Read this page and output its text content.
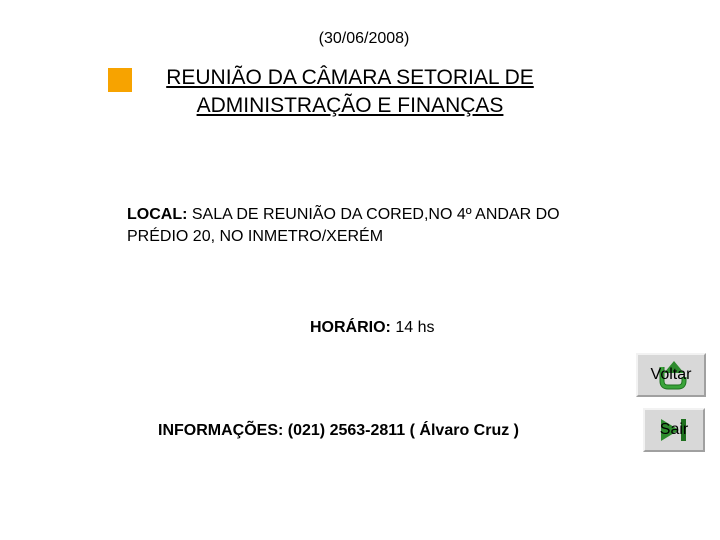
(30/06/2008)
REUNIÃO DA CÂMARA SETORIAL DE
ADMINISTRAÇÃO E FINANÇAS
LOCAL: SALA DE REUNIÃO DA CORED,NO 4º ANDAR DO
PRÉDIO 20, NO INMETRO/XERÉM
HORÁRIO: 14 hs
INFORMAÇÕES: (021) 2563-2811 ( Álvaro Cruz )
Voltar
Sair
